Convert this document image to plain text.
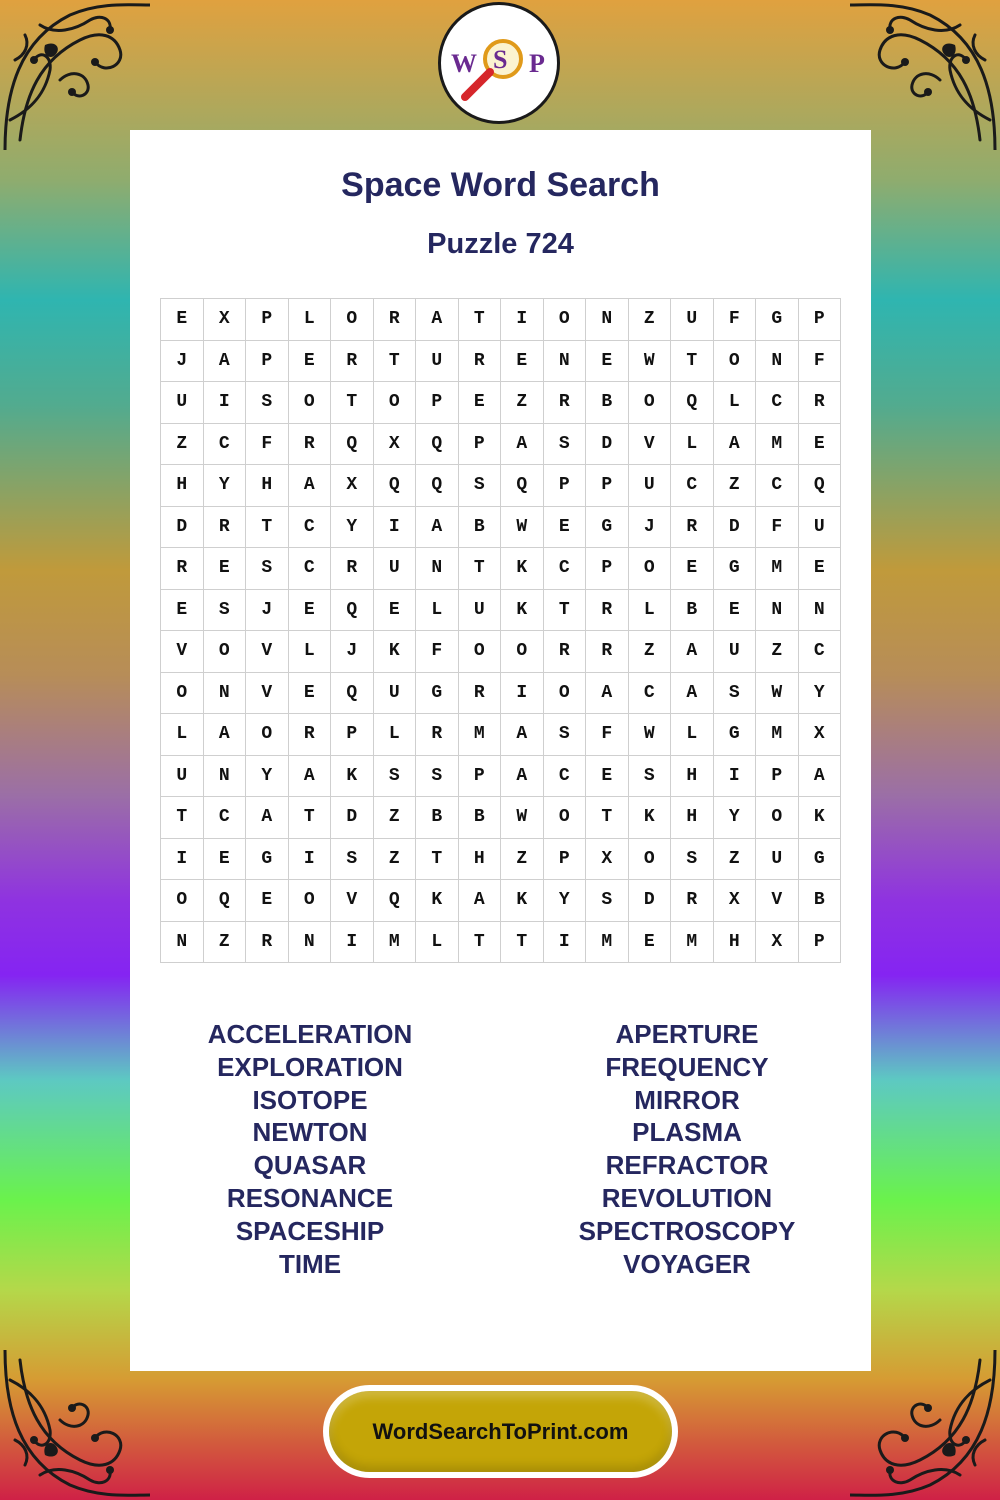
W S P
Space Word Search
Puzzle 724
E	X	P	L	O	R	A	T	I	O	N	Z	U	F	G	P
J	A	P	E	R	T	U	R	E	N	E	W	T	O	N	F
U	I	S	O	T	O	P	E	Z	R	B	O	Q	L	C	R
Z	C	F	R	Q	X	Q	P	A	S	D	V	L	A	M	E
H	Y	H	A	X	Q	Q	S	Q	P	P	U	C	Z	C	Q
D	R	T	C	Y	I	A	B	W	E	G	J	R	D	F	U
R	E	S	C	R	U	N	T	K	C	P	O	E	G	M	E
E	S	J	E	Q	E	L	U	K	T	R	L	B	E	N	N
V	O	V	L	J	K	F	O	O	R	R	Z	A	U	Z	C
O	N	V	E	Q	U	G	R	I	O	A	C	A	S	W	Y
L	A	O	R	P	L	R	M	A	S	F	W	L	G	M	X
U	N	Y	A	K	S	S	P	A	C	E	S	H	I	P	A
T	C	A	T	D	Z	B	B	W	O	T	K	H	Y	O	K
I	E	G	I	S	Z	T	H	Z	P	X	O	S	Z	U	G
O	Q	E	O	V	Q	K	A	K	Y	S	D	R	X	V	B
N	Z	R	N	I	M	L	T	T	I	M	E	M	H	X	P
ACCELERATION
EXPLORATION
ISOTOPE
NEWTON
QUASAR
RESONANCE
SPACESHIP
TIME
APERTURE
FREQUENCY
MIRROR
PLASMA
REFRACTOR
REVOLUTION
SPECTROSCOPY
VOYAGER
WordSearchToPrint.com
